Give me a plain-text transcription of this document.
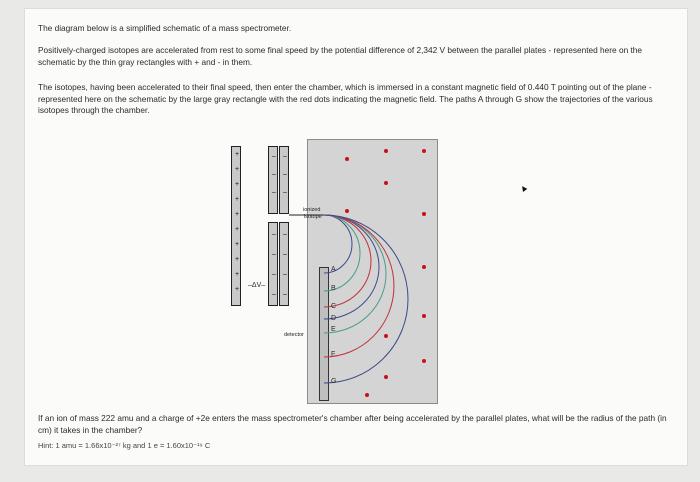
The diagram below is a simplified schematic of a mass spectrometer.
Positively-charged isotopes are accelerated from rest to some final speed by the potential difference of 2,342 V between the parallel plates - represented here on the schematic by the thin gray rectangles with + and - in them.
The isotopes, having been accelerated to their final speed, then enter the chamber, which is immersed in a constant magnetic field of 0.440 T pointing out of the plane - represented here on the schematic by the large gray rectangle with the red dots indicating the magnetic field. The paths A through G show the trajectories of the various isotopes through the chamber.
+
+
+
+
+
+
+
+
+
+
–
–
–
–
–
–
–
–
–
–
–
–
–
–
ionized
isotope
–ΔV–
detector
A
B
C
D
E
F
G
If an ion of mass 222 amu and a charge of +2e enters the mass spectrometer's chamber after being accelerated by the parallel plates, what will be the radius of the path (in cm) it takes in the chamber?
Hint: 1 amu = 1.66x10⁻²⁷ kg and 1 e = 1.60x10⁻¹⁹ C
▲
